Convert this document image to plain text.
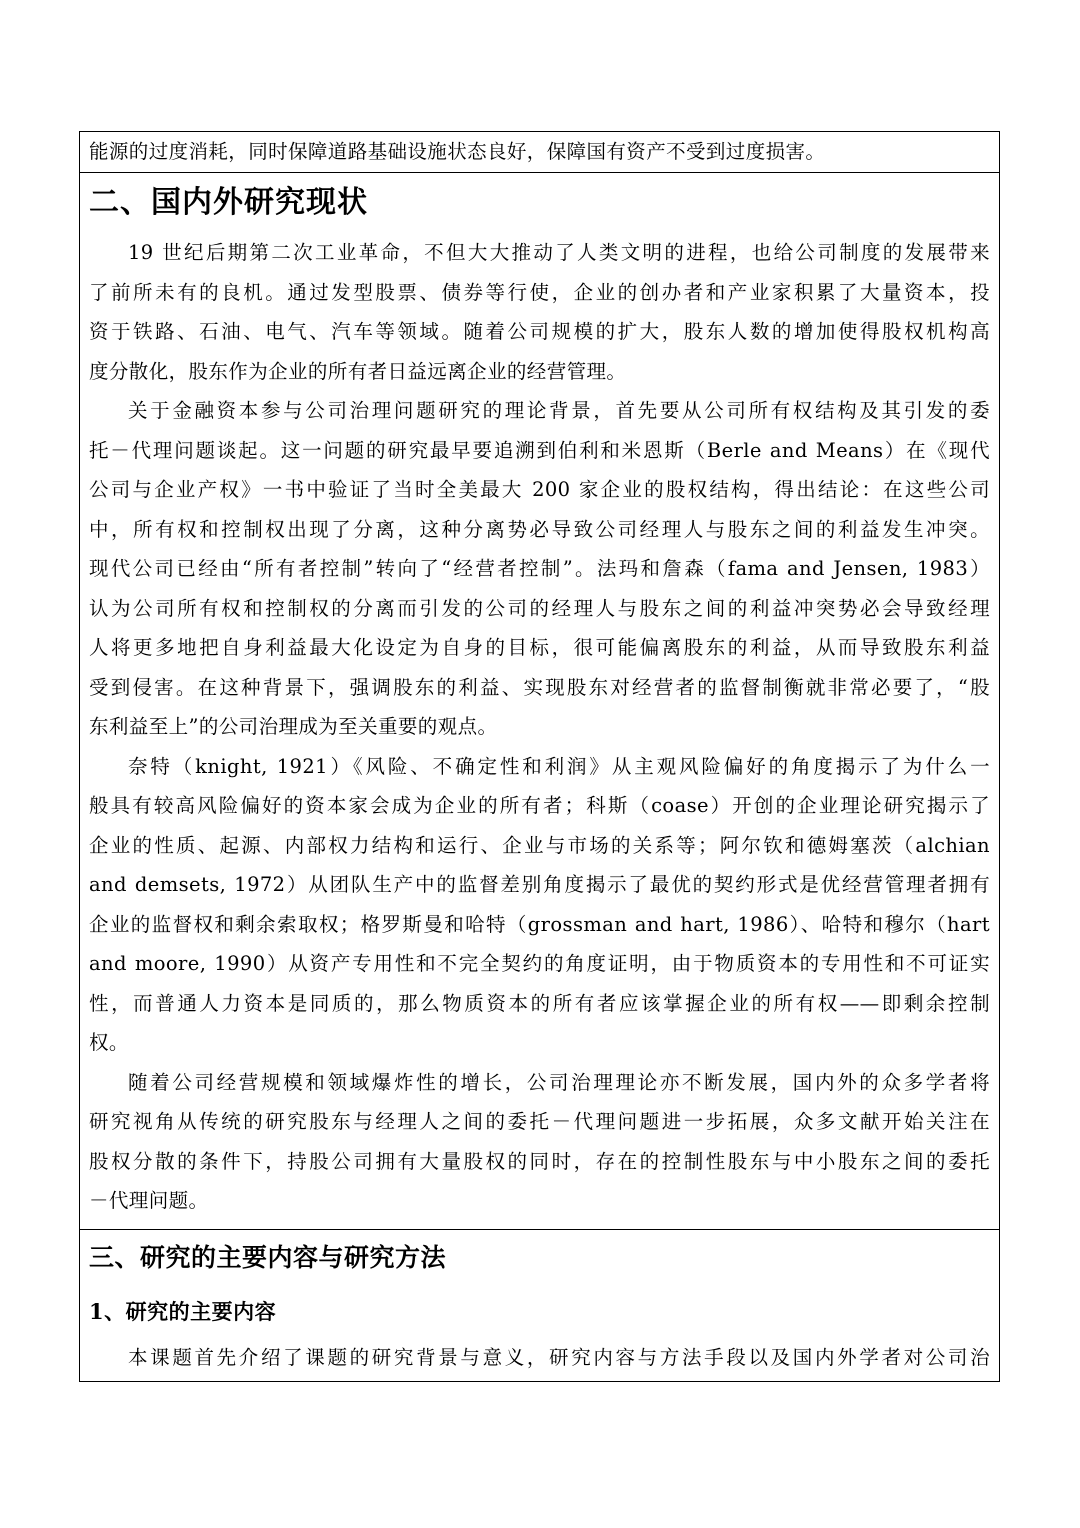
能源的过度消耗，同时保障道路基础设施状态良好，保障国有资产不受到过度损害。
二、国内外研究现状
19 世纪后期第二次工业革命，不但大大推动了人类文明的进程，也给公司制度的发展带来
了前所未有的良机。通过发型股票、债券等行使，企业的创办者和产业家积累了大量资本，投
资于铁路、石油、电气、汽车等领域。随着公司规模的扩大，股东人数的增加使得股权机构高
度分散化，股东作为企业的所有者日益远离企业的经营管理。
关于金融资本参与公司治理问题研究的理论背景，首先要从公司所有权结构及其引发的委
托－代理问题谈起。这一问题的研究最早要追溯到伯利和米恩斯（Berle and Means）在《现代
公司与企业产权》一书中验证了当时全美最大 200 家企业的股权结构，得出结论：在这些公司
中，所有权和控制权出现了分离，这种分离势必导致公司经理人与股东之间的利益发生冲突。
现代公司已经由“所有者控制”转向了“经营者控制”。法玛和詹森（fama and Jensen, 1983）
认为公司所有权和控制权的分离而引发的公司的经理人与股东之间的利益冲突势必会导致经理
人将更多地把自身利益最大化设定为自身的目标，很可能偏离股东的利益，从而导致股东利益
受到侵害。在这种背景下，强调股东的利益、实现股东对经营者的监督制衡就非常必要了，“股
东利益至上”的公司治理成为至关重要的观点。
奈特（knight, 1921）《风险、不确定性和利润》从主观风险偏好的角度揭示了为什么一
般具有较高风险偏好的资本家会成为企业的所有者；科斯（coase）开创的企业理论研究揭示了
企业的性质、起源、内部权力结构和运行、企业与市场的关系等；阿尔钦和德姆塞茨（alchian
and demsets, 1972）从团队生产中的监督差别角度揭示了最优的契约形式是优经营管理者拥有
企业的监督权和剩余索取权；格罗斯曼和哈特（grossman and hart, 1986）、哈特和穆尔（hart
and moore, 1990）从资产专用性和不完全契约的角度证明，由于物质资本的专用性和不可证实
性，而普通人力资本是同质的，那么物质资本的所有者应该掌握企业的所有权——即剩余控制
权。
随着公司经营规模和领域爆炸性的增长，公司治理理论亦不断发展，国内外的众多学者将
研究视角从传统的研究股东与经理人之间的委托－代理问题进一步拓展，众多文献开始关注在
股权分散的条件下，持股公司拥有大量股权的同时，存在的控制性股东与中小股东之间的委托
－代理问题。
三、研究的主要内容与研究方法
1、研究的主要内容
本课题首先介绍了课题的研究背景与意义，研究内容与方法手段以及国内外学者对公司治
